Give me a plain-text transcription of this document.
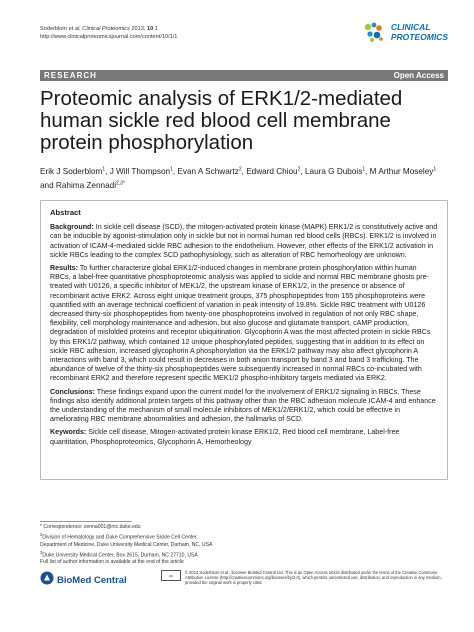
Soderblom et al. Clinical Proteomics 2013, 10:1
http://www.clinicalproteomicsjournal.com/content/10/1/1
CLINICAL
PROTEOMICS
RESEARCH	Open Access
Proteomic analysis of ERK1/2-mediated human sickle red blood cell membrane protein phosphorylation
Erik J Soderblom$^1$, J Will Thompson$^1$, Evan A Schwartz$^2$, Edward Chiou$^2$, Laura G Dubois$^1$, M Arthur Moseley$^1$
and Rahima Zennadi$^{2,3*}$
Abstract

Background: In sickle cell disease (SCD), the mitogen-activated protein kinase (MAPK) ERK1/2 is constitutively active and can be inducible by agonist-stimulation only in sickle but not in normal human red blood cells (RBCs). ERK1/2 is involved in activation of ICAM-4-mediated sickle RBC adhesion to the endothelium. However, other effects of the ERK1/2 activation in sickle RBCs leading to the complex SCD pathophysiology, such as alteration of RBC hemorheology are unknown.

Results: To further characterize global ERK1/2-induced changes in membrane protein phosphorylation within human RBCs, a label-free quantitative phosphoproteomic analysis was applied to sickle and normal RBC membrane ghosts pre-treated with U0126, a specific inhibitor of MEK1/2, the upstream kinase of ERK1/2, in the presence or absence of recombinant active ERK2. Across eight unique treatment groups, 375 phosphopeptides from 155 phosphoproteins were quantified with an average technical coefficient of variation in peak intensity of 19.8%. Sickle RBC treatment with U0126 decreased thirty-six phosphopeptides from twenty-one phosphoproteins involved in regulation of not only RBC shape, flexibility, cell morphology maintenance and adhesion, but also glucose and glutamate transport, cAMP production, degradation of misfolded proteins and receptor ubiquitination. Glycophorin A was the most affected protein in sickle RBCs by this ERK1/2 pathway, which contained 12 unique phosphorylated peptides, suggesting that in addition to its effect on sickle RBC adhesion, increased glycophorin A phosphorylation via the ERK1/2 pathway may also affect glycophorin A interactions with band 3, which could result in decreases in both anion transport by band 3 and band 3 trafficking. The abundance of twelve of the thirty-six phosphopeptides were subsequently increased in normal RBCs co-incubated with recombinant ERK2 and therefore represent specific MEK1/2 phospho-inhibitory targets mediated via ERK2.

Conclusions: These findings expand upon the current model for the involvement of ERK1/2 signaling in RBCs. These findings also identify additional protein targets of this pathway other than the RBC adhesion molecule ICAM-4 and enhance the understanding of the mechanism of small molecule inhibitors of MEK1/2/ERK1/2, which could be effective in ameliorating RBC membrane abnormalities and adhesion, the hallmarks of SCD.

Keywords: Sickle cell disease, Mitogen-activated protein kinase ERK1/2, Red blood cell membrane, Label-free quantitation, Phosphoproteomics, Glycophorin A, Hemorheology

* Correspondence: zenna001@mc.duke.edu

$^2$Division of Hematology and Duke Comprehensive Sickle Cell Center,

Department of Medicine, Duke University Medical Center, Durham, NC, USA

$^3$Duke University Medical Center, Box 2615, Durham, NC 27710, USA

Full list of author information is available at the end of the article

BioMed Central	cc
© 2013 Soderblom et al.; licensee BioMed Central Ltd. This is an Open Access article distributed under the terms of the Creative Commons Attribution License (http://creativecommons.org/licenses/by/2.0), which permits unrestricted use, distribution, and reproduction in any medium, provided the original work is properly cited.
